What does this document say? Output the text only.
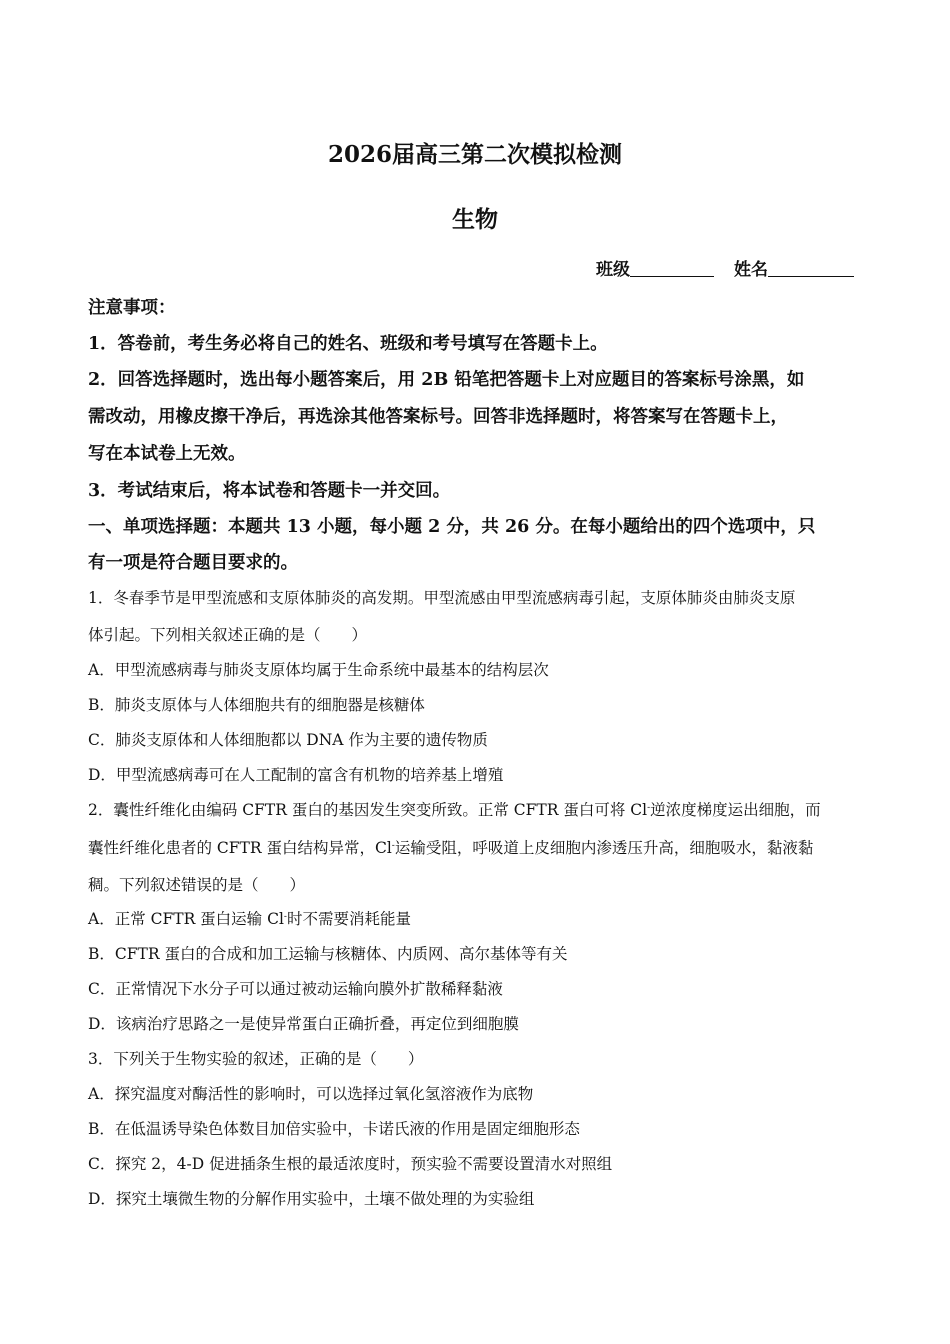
2026届高三第二次模拟检测
生物
班级	姓名
注意事项：
1．答卷前，考生务必将自己的姓名、班级和考号填写在答题卡上。
2．回答选择题时，选出每小题答案后，用 2B 铅笔把答题卡上对应题目的答案标号涂黑，如
需改动，用橡皮擦干净后，再选涂其他答案标号。回答非选择题时，将答案写在答题卡上，
写在本试卷上无效。
3．考试结束后，将本试卷和答题卡一并交回。
一、单项选择题：本题共 13 小题，每小题 2 分，共 26 分。在每小题给出的四个选项中，只
有一项是符合题目要求的。
1．冬春季节是甲型流感和支原体肺炎的高发期。甲型流感由甲型流感病毒引起，支原体肺炎由肺炎支原
体引起。下列相关叙述正确的是（　　）
A．甲型流感病毒与肺炎支原体均属于生命系统中最基本的结构层次
B．肺炎支原体与人体细胞共有的细胞器是核糖体
C．肺炎支原体和人体细胞都以 DNA 作为主要的遗传物质
D．甲型流感病毒可在人工配制的富含有机物的培养基上增殖
2．囊性纤维化由编码 CFTR 蛋白的基因发生突变所致。正常 CFTR 蛋白可将 Cl-逆浓度梯度运出细胞，而
囊性纤维化患者的 CFTR 蛋白结构异常，Cl-运输受阻，呼吸道上皮细胞内渗透压升高，细胞吸水，黏液黏
稠。下列叙述错误的是（　　）
A．正常 CFTR 蛋白运输 Cl-时不需要消耗能量
B．CFTR 蛋白的合成和加工运输与核糖体、内质网、高尔基体等有关
C．正常情况下水分子可以通过被动运输向膜外扩散稀释黏液
D．该病治疗思路之一是使异常蛋白正确折叠，再定位到细胞膜
3．下列关于生物实验的叙述，正确的是（　　）
A．探究温度对酶活性的影响时，可以选择过氧化氢溶液作为底物
B．在低温诱导染色体数目加倍实验中，卡诺氏液的作用是固定细胞形态
C．探究 2，4-D 促进插条生根的最适浓度时，预实验不需要设置清水对照组
D．探究土壤微生物的分解作用实验中，土壤不做处理的为实验组
